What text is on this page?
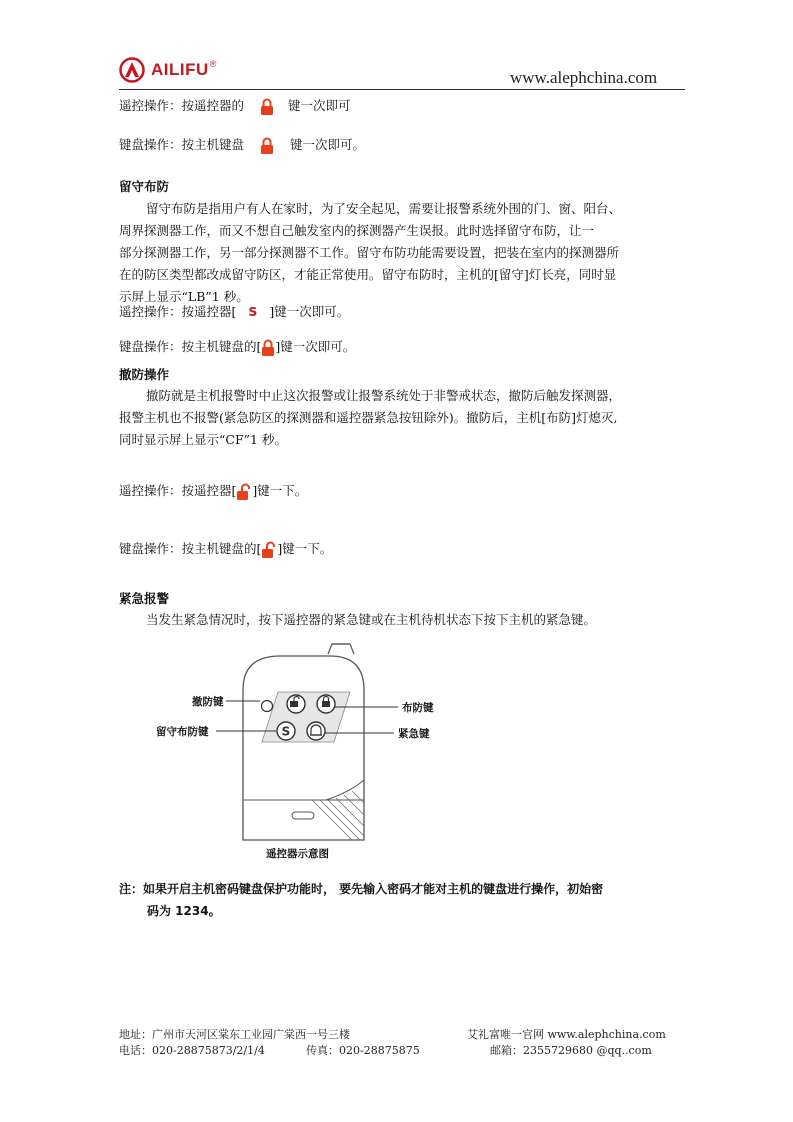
AILIFU ®
www.alephchina.com
遥控操作：按遥控器的	键一次即可
键盘操作：按主机键盘	键一次即可。
留守布防

留守布防是指用户有人在家时，为了安全起见，需要让报警系统外围的门、窗、阳台、

周界探测器工作，而又不想自己触发室内的探测器产生误报。此时选择留守布防，让一

部分探测器工作，另一部分探测器不工作。留守布防功能需要设置，把装在室内的探测器所

在的防区类型都改成留守防区，才能正常使用。留守布防时，主机的[留守]灯长亮，同时显

示屏上显示“LB”1 秒。

遥控操作：按遥控器[ S ]键一次即可。
键盘操作：按主机键盘的[ ]键一次即可。
撤防操作

撤防就是主机报警时中止这次报警或让报警系统处于非警戒状态，撤防后触发探测器，

报警主机也不报警(紧急防区的探测器和遥控器紧急按钮除外)。撤防后，主机[布防]灯熄灭,

同时显示屏上显示“CF”1 秒。

遥控操作：按遥控器[ ]键一下。
键盘操作：按主机键盘的[ ]键一下。
紧急报警

当发生紧急情况时，按下遥控器的紧急键或在主机待机状态下按下主机的紧急键。

S
撤防键
留守布防键
布防键
紧急键
遥控器示意图
注：如果开启主机密码键盘保护功能时， 要先输入密码才能对主机的键盘进行操作，初始密
码为 1234。
地址：广州市天河区棠东工业园广棠西一号三楼	艾礼富唯一官网 www.alephchina.com
电话：020-28875873/2/1/4	传真：020-28875875	邮箱：2355729680 @qq..com
